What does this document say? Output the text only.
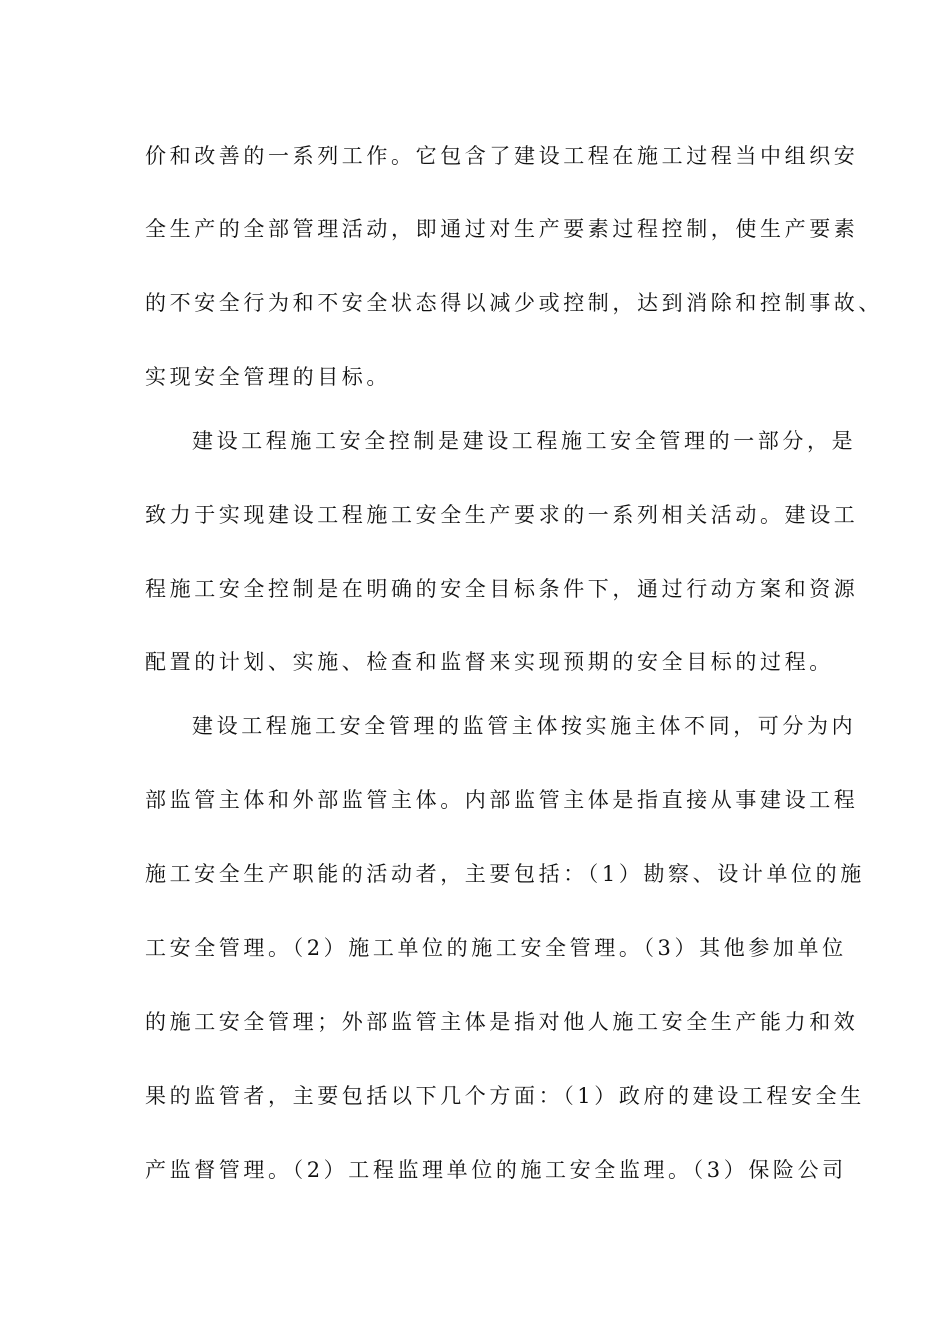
价和改善的一系列工作。它包含了建设工程在施工过程当中组织安
全生产的全部管理活动，即通过对生产要素过程控制，使生产要素
的不安全行为和不安全状态得以减少或控制，达到消除和控制事故、
实现安全管理的目标。
建设工程施工安全控制是建设工程施工安全管理的一部分，是
致力于实现建设工程施工安全生产要求的一系列相关活动。建设工
程施工安全控制是在明确的安全目标条件下，通过行动方案和资源
配置的计划、实施、检查和监督来实现预期的安全目标的过程。
建设工程施工安全管理的监管主体按实施主体不同，可分为内
部监管主体和外部监管主体。内部监管主体是指直接从事建设工程
施工安全生产职能的活动者，主要包括：（1）勘察、设计单位的施
工安全管理。（2）施工单位的施工安全管理。（3）其他参加单位
的施工安全管理；外部监管主体是指对他人施工安全生产能力和效
果的监管者，主要包括以下几个方面：（1）政府的建设工程安全生
产监督管理。（2）工程监理单位的施工安全监理。（3）保险公司
